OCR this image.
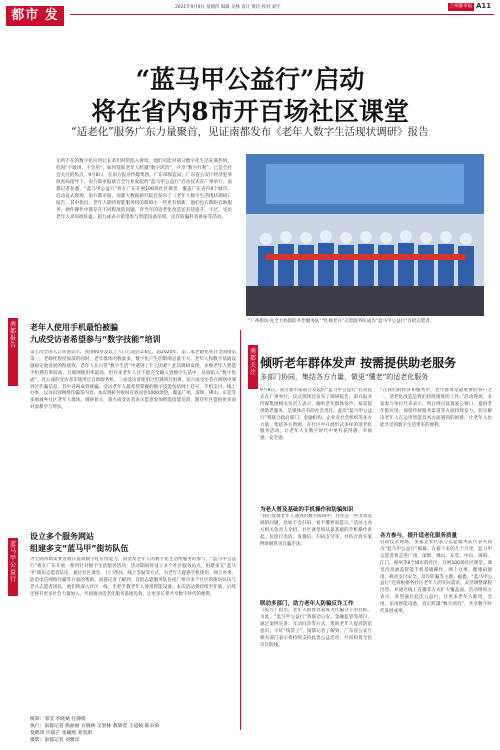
都市 发布
2021年9月9日 星期四 编辑 吴林 设计 黄玲 校对 刘宇	兰州都市报 A11
“蓝马甲公益行”启动
将在省内8市开百场社区课堂
“适老化”服务广东力量聚首，见证南都发布《老年人数字生活现状调研》报告
无所不在的数字化应用让长辈们时常陷入窘境，他们可能对部分数字化生活充满热情，但因“不敢用、不会用”，如何帮助老年人跨越“数字鸿沟”，共享“数字红利”，已是全社会关注的焦点。9月8日，在南方报业传媒集团、广东部保监局、广东省公安厅经济犯罪侦查局指导下，南方都市报联合全行业发起的“蓝马甲公益行”启动仪式在广州举行。南都记者获悉，“蓝马甲公益行”将在广东开展100场社区课堂，覆盖广东省内8个城市。启动仪式现场，南方都市报、南都大数据研究院还发布了《老年人数字生活现状调研》报告，其中指出，老年人期待智能服务机的障碍小一些更有创新，他们也在期盼自助服务，硬件操作中都存在不同程度的问题，咨当年的适老化改造还有待提升。不过，受访老年人求知欲旺盛，超九成表示希望参与智能设备培训，反诈防骗科普讲座等活动。
“广州街坊·先全大妈群防共治服务队”“红棉老兵”志愿服务队成为“蓝马甲公益行”首批志愿者。
南都报告
老年人使用手机最怕被骗
九成受访者希望参与“数字技能”培训
第七次全国人口普查显示，我国60岁及以上人口已超过2.6亿。超2020年，第二家老龄化率在全国排第第一，老龄化程度加深的同时，老年群体的数量多，数字化产生的影响总量不大。老年人和数字基础设施稳定地发展的衔接效，老年人在日常“数字生活”中遇到了什么困难？此次调研发现，多数老年人智能手机拥有率较高，互联网使用率最高，但许多老年人还不能完全融入到数字生活中，从而陷入“数字焦虑”。近五成的受访者未使用过自助服务机，三成受访者使用过但遇到过困难。超六成受访者在网络中遇到过诈骗信息，其中近两成曾被骗。受访老年人最希望掌握的数字技能包括网上挂号、手机支付、线上办事，以及识别网络诈骗等内容。本次调研共收回有效问卷1000余份，覆盖广州、深圳、佛山、东莞等多地城乡社区老年人群体。调研显示，超九成受访者表示愿意参加智能技能培训，期待社区提供更多面对面教学与帮扶。
蓝马甲公益行
设立多个服务网站
组建多支“蓝马甲”街坊队伍
为全面帮助需要者收在提高数字化应用能力，国金及老年人的数字化生活给服务的参与，“蓝马甲公益行”将在广东开展一系列针对数字生活服务活动，活动期间将设立多个社区服务站点，组建多支“蓝马甲”街坊志愿者队伍，通过社区课堂、上门帮扶、线上答疑等方式，为老年人提供手机使用、网上办事、防范电信网络诈骗等方面的帮助。南都记者了解到，首批志愿服务队包括广州市多个社区的街坊队伍与老兵志愿者团队，他们将深入社区一线，手把手教老年人使用智能设备。本次活动将持续至年底，后续还将有更多社会力量加入，共同推动适老化服务落地见效，让更多长辈共享数字时代的便利。
统筹：邹莹 李晓斌 任静娇
执行：南都记者 熊丽丽 方晓林 吴梦林 敖锦萱 王道嫣 陈卓俞
莫鹤琪 许筱芒 张毓熙 邓雯蔚
摄影：南都记者 刘雅洋
南都关注
倾听老年群体发声 按需提供助老服务
多部门协同，集结各方力量，做更“懂老”的适老化服务
9月8日，南方都市报联合发起的“蓝马甲公益行”启动仪式在广州举行，仪式现场还发布了调研报告。南方报业传媒集团相关负责人表示，倾听老年群体发声，按需提供助老服务，是媒体应有的社会责任。此次“蓝马甲公益行”将联合政府部门、金融机构、企业及社会组织等多方力量，集结各方资源，在社区中开展形式多样的适老化服务活动，让老年人在数字时代中更有获得感、幸福感、安全感。
为老人普及基础的手机操作和防骗知识
“我们发现老年人遇到的数字障碍中，往往是一些非常基础的问题，比如不会扫码、看不懂界面提示。”活动主办方相关负责人介绍，社区课堂将从最基础的手机操作讲起，包括打电话、发微信、扫码支付等，并结合真实案例讲解常见诈骗手法。
联动多部门，助力老年人防骗反诈工作
《报告》指出，老年人群体容易成为诈骗分子的目标。为此，“蓝马甲公益行”将联动公安、金融监管等部门，通过案例宣讲、互动问答等方式，帮助老年人提高防范意识，守好“钱袋子”。南都记者了解到，广东省公安厅相关部门表示将持续支持此类公益活动，共同构筑全民反诈防线。
“在我们的经济和服务中，老年群体是最重要的客户之一，适老化改造是我们持续推进的工作。”活动现场，多家参与单位代表表示，将在网点设置爱心窗口、提供老年版应用、保留传统服务渠道等方面持续发力，切实解决老年人在运用智能技术方面遇到的困难，让老年人也能享受到数字生活带来的便利。
各方参与，提升适老化服务质量
启动仪式现场，多家企业代表与志愿服务队代表共同为“蓝马甲公益行”揭幕。在接下来的几个月里，蓝马甲志愿者将走进广州、深圳、佛山、东莞、中山、珠海、江门、惠州等8个城市的社区，开展100场社区课堂。课堂内容涵盖智能手机基础操作、网上办事、健康码使用、移动支付安全、反诈防骗等主题。据悉，“蓝马甲公益行”还将根据各社区老年人的实际需求，灵活调整课程内容，并通过线上直播等方式扩大覆盖面。活动组织方表示，希望通过此次公益行，让更多老年人敢用、会用、乐用智能设备，真正跨越“数字鸿沟”，共享数字时代发展成果。
